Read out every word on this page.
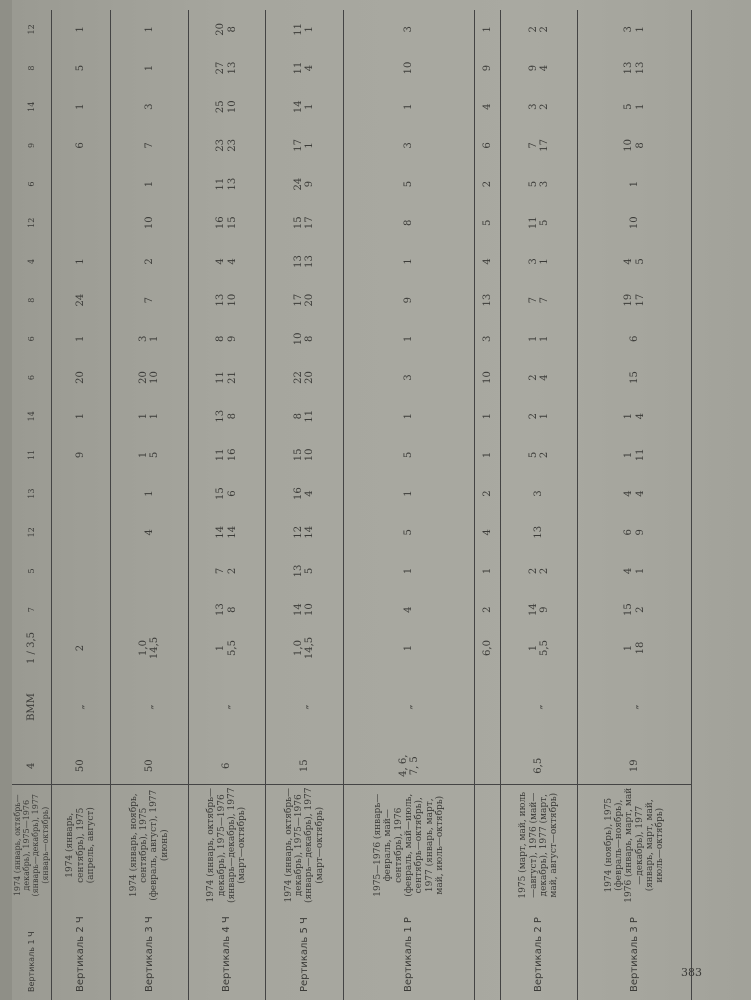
Вертикаль 1 Ч	1974 (январь, октябрь—декабрь), 1975—1976 (январь—декабрь), 1977 (январь—октябрь)	4	ВММ	1 / 3,5	7	5	12	13	11	14	6	6	8	4	12	6	9	14	8	12
Вертикаль 2 Ч	1974 (январь, сентябрь), 1975 (апрель, август)	50	„	2					9	1	20	1	24	1			6	1	5	1

Вертикаль 3 Ч	1974 (январь, ноябрь, сентябрь), 1975 (февраль, август), 1977 (июнь)	50	„	1,0 14,5			4	1	1 5	1 1	20 10	3 1	7	2	10	1	7	3	1	1

Вертикаль 4 Ч	1974 (январь, октябрь—декабрь), 1975—1976 (январь—декабрь), 1977 (март—октябрь)	6	„	1 5,5	13 8	7 2	14 14	15 6	11 16	13 8	11 21	8 9	13 10	4 4	16 15	11 13	23 23	25 10	27 13	20 8

Рертикаль 5 Ч	1974 (январь, октябрь—декабрь), 1975—1976 (январь—декабрь), 1977 (март—октябрь)	15	„	1,0 14,5	14 10	13 5	12 14	16 4	15 10	8 11	22 20	10 8	17 20	13 13	15 17	24 9	17 1	14 1	11 4	11 1

Вертикаль 1 Р	1975—1976 (январь—февраль, май—сентябрь), 1976 (февраль, май—июль, сентябрь—октябрь), 1977 (январь, март, май, июль—октябрь)	4, 6, 7, 5	„	1	4	1	5	1	5	1	3	1	9	1	8	5	3	1	10	3

				6,0	2	1	4	2	1	1	10	3	13	4	5	2	6	4	9	1

Вертикаль 2 Р	1975 (март, май, июль—август), 1976 (май—декабрь), 1977 (март, май, август—октябрь)	6,5	„	1 5,5	14 9	2 2	13	3	5 2	2 1	2 4	1 1	7 7	3 1	11 5	5 3	7 17	3 2	9 4	2 2

Вертикаль 3 Р	1974 (ноябрь), 1975 (февраль—ноябрь), 1976 (январь, март, май—декабрь), 1977 (январь, март, май, июль—октябрь)	19	„	1 18	15 2	4 1	6 9	4 4	1 11	1 4	15	6	19 17	4 5	10	1	10 8	5 1	13 13	3 1
383
